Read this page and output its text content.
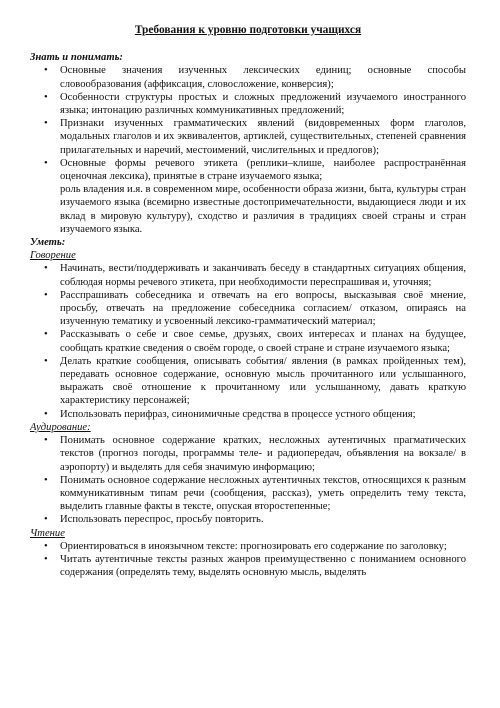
Требования к уровню подготовки учащихся
Знать и понимать:
• Основные значения изученных лексических единиц; основные способы словообразования (аффиксация, словосложение, конверсия);
• Особенности структуры простых и сложных предложений изучаемого иностранного языка; интонацию различных коммуникативных предложений;
• Признаки изученных грамматических явлений (видовременных форм глаголов, модальных глаголов и их эквивалентов, артиклей, существительных, степеней сравнения прилагательных и наречий, местоимений, числительных и предлогов);
• Основные формы речевого этикета (реплики–клише, наиболее распространённая оценочная лексика), принятые в стране изучаемого языка;
роль владения и.я. в современном мире, особенности образа жизни, быта, культуры стран изучаемого языка (всемирно известные достопримечательности, выдающиеся люди и их вклад в мировую культуру), сходство и различия в традициях своей страны и стран изучаемого языка.
Уметь:
Говорение
• Начинать, вести/поддерживать и заканчивать беседу в стандартных ситуациях общения, соблюдая нормы речевого этикета, при необходимости переспрашивая и, уточняя;
• Расспрашивать собеседника и отвечать на его вопросы, высказывая своё мнение, просьбу, отвечать на предложение собеседника согласием/ отказом, опираясь на изученную тематику и усвоенный лексико-грамматический материал;
• Рассказывать о себе и свое семье, друзьях, своих интересах и планах на будущее, сообщать краткие сведения о своём городе, о своей стране и стране изучаемого языка;
• Делать краткие сообщения, описывать события/ явления (в рамках пройденных тем), передавать основное содержание, основную мысль прочитанного или услышанного, выражать своё отношение к прочитанному или услышанному, давать краткую характеристику персонажей;
• Использовать перифраз, синонимичные средства в процессе устного общения;
Аудирование:
• Понимать основное содержание кратких, несложных аутентичных прагматических текстов (прогноз погоды, программы теле- и радиопередач, объявления на вокзале/ в аэропорту) и выделять для себя значимую информацию;
• Понимать основное содержание несложных аутентичных текстов, относящихся к разным коммуникативным типам речи (сообщения, рассказ), уметь определить тему текста, выделить главные факты в тексте, опуская второстепенные;
• Использовать переспрос, просьбу повторить.
Чтение
• Ориентироваться в иноязычном тексте: прогнозировать его содержание по заголовку;
• Читать аутентичные тексты разных жанров преимущественно с пониманием основного содержания (определять тему, выделять основную мысль, выделять
